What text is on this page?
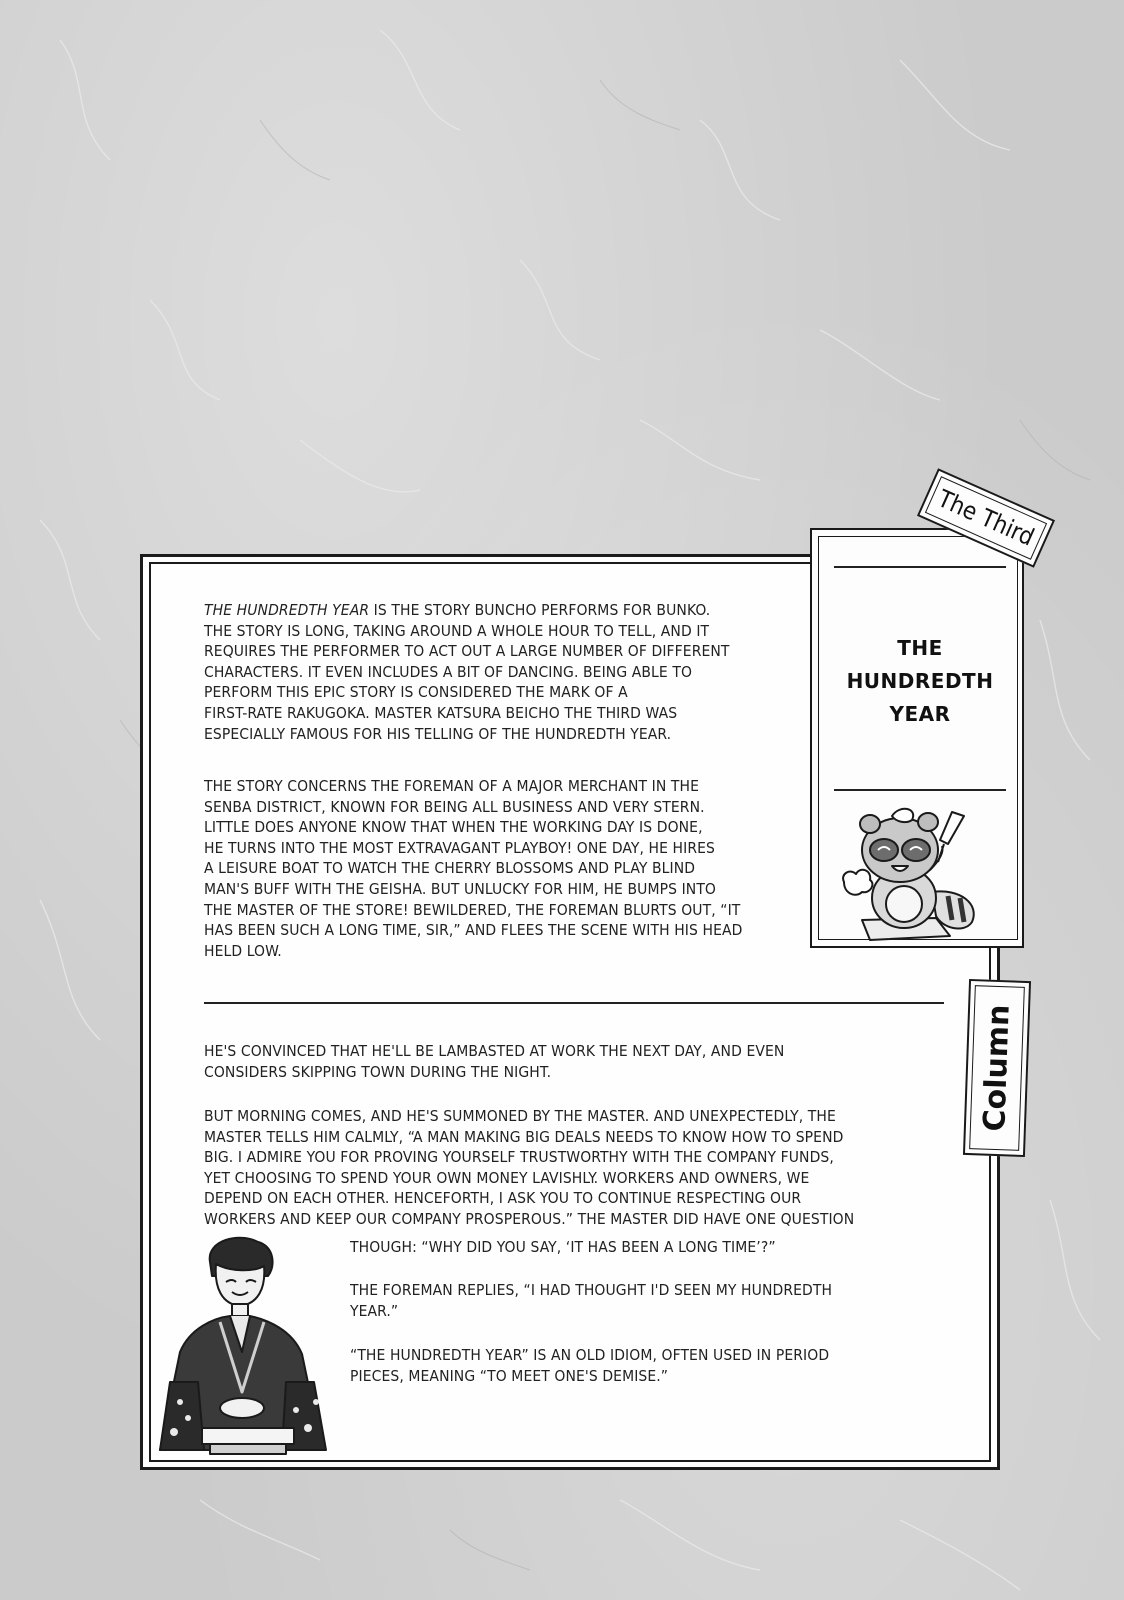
THE HUNDREDTH YEAR IS THE STORY BUNCHO PERFORMS FOR BUNKO.

THE STORY IS LONG, TAKING AROUND A WHOLE HOUR TO TELL, AND IT

REQUIRES THE PERFORMER TO ACT OUT A LARGE NUMBER OF DIFFERENT

CHARACTERS. IT EVEN INCLUDES A BIT OF DANCING. BEING ABLE TO

PERFORM THIS EPIC STORY IS CONSIDERED THE MARK OF A

FIRST-RATE RAKUGOKA. MASTER KATSURA BEICHO THE THIRD WAS

ESPECIALLY FAMOUS FOR HIS TELLING OF THE HUNDREDTH YEAR.

THE STORY CONCERNS THE FOREMAN OF A MAJOR MERCHANT IN THE

SENBA DISTRICT, KNOWN FOR BEING ALL BUSINESS AND VERY STERN.

LITTLE DOES ANYONE KNOW THAT WHEN THE WORKING DAY IS DONE,

HE TURNS INTO THE MOST EXTRAVAGANT PLAYBOY! ONE DAY, HE HIRES

A LEISURE BOAT TO WATCH THE CHERRY BLOSSOMS AND PLAY BLIND

MAN'S BUFF WITH THE GEISHA. BUT UNLUCKY FOR HIM, HE BUMPS INTO

THE MASTER OF THE STORE! BEWILDERED, THE FOREMAN BLURTS OUT, “IT

HAS BEEN SUCH A LONG TIME, SIR,” AND FLEES THE SCENE WITH HIS HEAD

HELD LOW.

HE'S CONVINCED THAT HE'LL BE LAMBASTED AT WORK THE NEXT DAY, AND EVEN

CONSIDERS SKIPPING TOWN DURING THE NIGHT.

BUT MORNING COMES, AND HE'S SUMMONED BY THE MASTER. AND UNEXPECTEDLY, THE

MASTER TELLS HIM CALMLY, “A MAN MAKING BIG DEALS NEEDS TO KNOW HOW TO SPEND

BIG. I ADMIRE YOU FOR PROVING YOURSELF TRUSTWORTHY WITH THE COMPANY FUNDS,

YET CHOOSING TO SPEND YOUR OWN MONEY LAVISHLY. WORKERS AND OWNERS, WE

DEPEND ON EACH OTHER. HENCEFORTH, I ASK YOU TO CONTINUE RESPECTING OUR

WORKERS AND KEEP OUR COMPANY PROSPEROUS.” THE MASTER DID HAVE ONE QUESTION

THOUGH: “WHY DID YOU SAY, ‘IT HAS BEEN A LONG TIME’?”

THE FOREMAN REPLIES, “I HAD THOUGHT I'D SEEN MY HUNDREDTH

YEAR.”

“THE HUNDREDTH YEAR” IS AN OLD IDIOM, OFTEN USED IN PERIOD

PIECES, MEANING “TO MEET ONE'S DEMISE.”

THE
HUNDREDTH
YEAR
The Third
Column
